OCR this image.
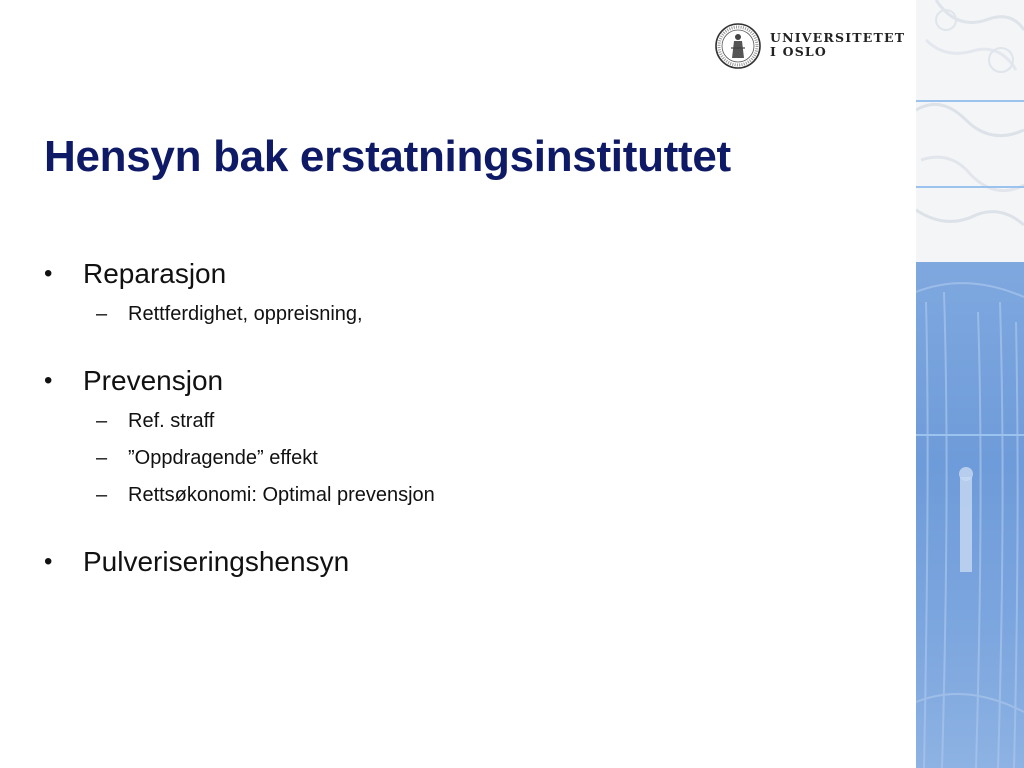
UNIVERSITETET
I OSLO
Hensyn bak erstatningsinstituttet
•	Reparasjon
– Rettferdighet, oppreisning,
•	Prevensjon
– Ref. straff
– ”Oppdragende” effekt
– Rettsøkonomi: Optimal prevensjon
•	Pulveriseringshensyn
